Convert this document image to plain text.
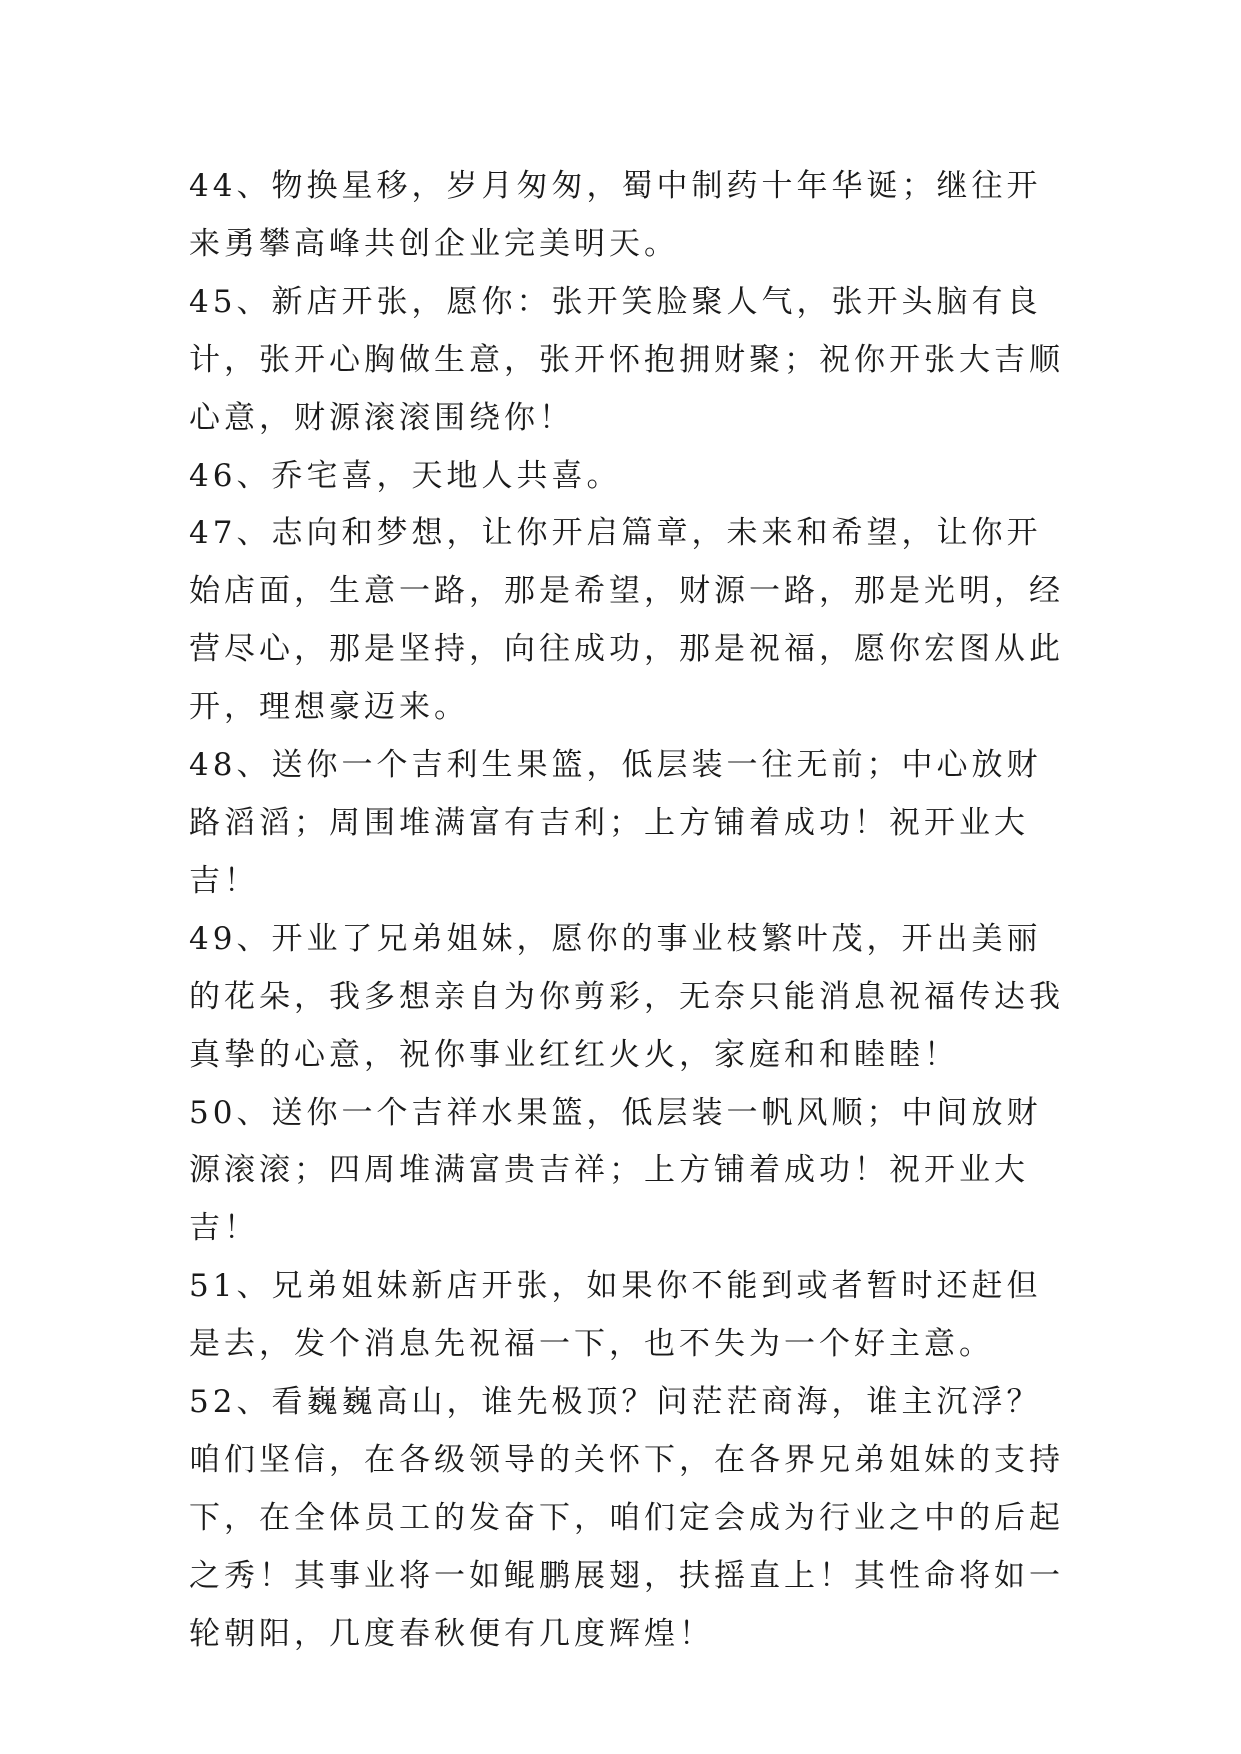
44、物换星移，岁月匆匆，蜀中制药十年华诞；继往开来勇攀高峰共创企业完美明天。

45、新店开张，愿你：张开笑脸聚人气，张开头脑有良计，张开心胸做生意，张开怀抱拥财聚；祝你开张大吉顺心意，财源滚滚围绕你！

46、乔宅喜，天地人共喜。

47、志向和梦想，让你开启篇章，未来和希望，让你开始店面，生意一路，那是希望，财源一路，那是光明，经营尽心，那是坚持，向往成功，那是祝福，愿你宏图从此开，理想豪迈来。

48、送你一个吉利生果篮，低层装一往无前；中心放财路滔滔；周围堆满富有吉利；上方铺着成功！祝开业大吉！

49、开业了兄弟姐妹，愿你的事业枝繁叶茂，开出美丽的花朵，我多想亲自为你剪彩，无奈只能消息祝福传达我真挚的心意，祝你事业红红火火，家庭和和睦睦！

50、送你一个吉祥水果篮，低层装一帆风顺；中间放财源滚滚；四周堆满富贵吉祥；上方铺着成功！祝开业大吉！

51、兄弟姐妹新店开张，如果你不能到或者暂时还赶但是去，发个消息先祝福一下，也不失为一个好主意。

52、看巍巍高山，谁先极顶？问茫茫商海，谁主沉浮？咱们坚信，在各级领导的关怀下，在各界兄弟姐妹的支持下，在全体员工的发奋下，咱们定会成为行业之中的后起之秀！其事业将一如鲲鹏展翅，扶摇直上！其性命将如一轮朝阳，几度春秋便有几度辉煌！
